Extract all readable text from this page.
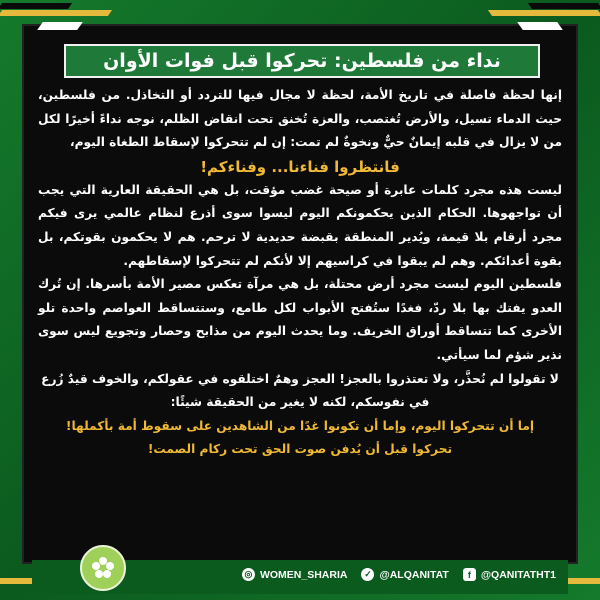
نداء من فلسطين: تحركوا قبل فوات الأوان

إنها لحظة فاصلة في تاريخ الأمة، لحظة لا مجال فيها للتردد أو التخاذل. من فلسطين، حيث الدماء تسيل، والأرض تُغتصب، والعزة تُخنق تحت انقاض الظلم، نوجه نداءً أخيرًا لكل من لا يزال في قلبه إيمانٌ حيٌّ ونخوةٌ لم تمت: إن لم تتحركوا لإسقاط الطغاة اليوم،

فانتظروا فناءنا... وفناءكم!

ليست هذه مجرد كلمات عابرة أو صيحة غضب مؤقت، بل هي الحقيقة العارية التي يجب أن تواجهوها. الحكام الذين يحكمونكم اليوم ليسوا سوى أذرع لنظام عالمي يرى فيكم مجرد أرقام بلا قيمة، ويُدير المنطقة بقبضة حديدية لا ترحم. هم لا يحكمون بقوتكم، بل بقوة أعدائكم. وهم لم يبقوا في كراسيهم إلا لأنكم لم تتحركوا لإسقاطهم.

فلسطين اليوم ليست مجرد أرض محتلة، بل هي مرآة تعكس مصير الأمة بأسرها. إن تُرك العدو يفتك بها بلا ردّ، فغدًا ستُفتح الأبواب لكل طامع، وستتساقط العواصم واحدة تلو الأخرى كما تتساقط أوراق الخريف. وما يحدث اليوم من مذابح وحصار وتجويع ليس سوى نذير شؤم لما سيأتي.

لا تقولوا لم نُحذَّر، ولا تعتذروا بالعجز! العجز وهمٌ اختلقوه في عقولكم، والخوف قيدٌ زُرع في نفوسكم، لكنه لا يغير من الحقيقة شيئًا:

إما أن تتحركوا اليوم، وإما أن تكونوا غدًا من الشاهدين على سقوط أمة بأكملها!

تحركوا قبل أن يُدفن صوت الحق تحت ركام الصمت!

◎ WOMEN_SHARIA	✓ @ALQANITAT	f @QANITATHT1
